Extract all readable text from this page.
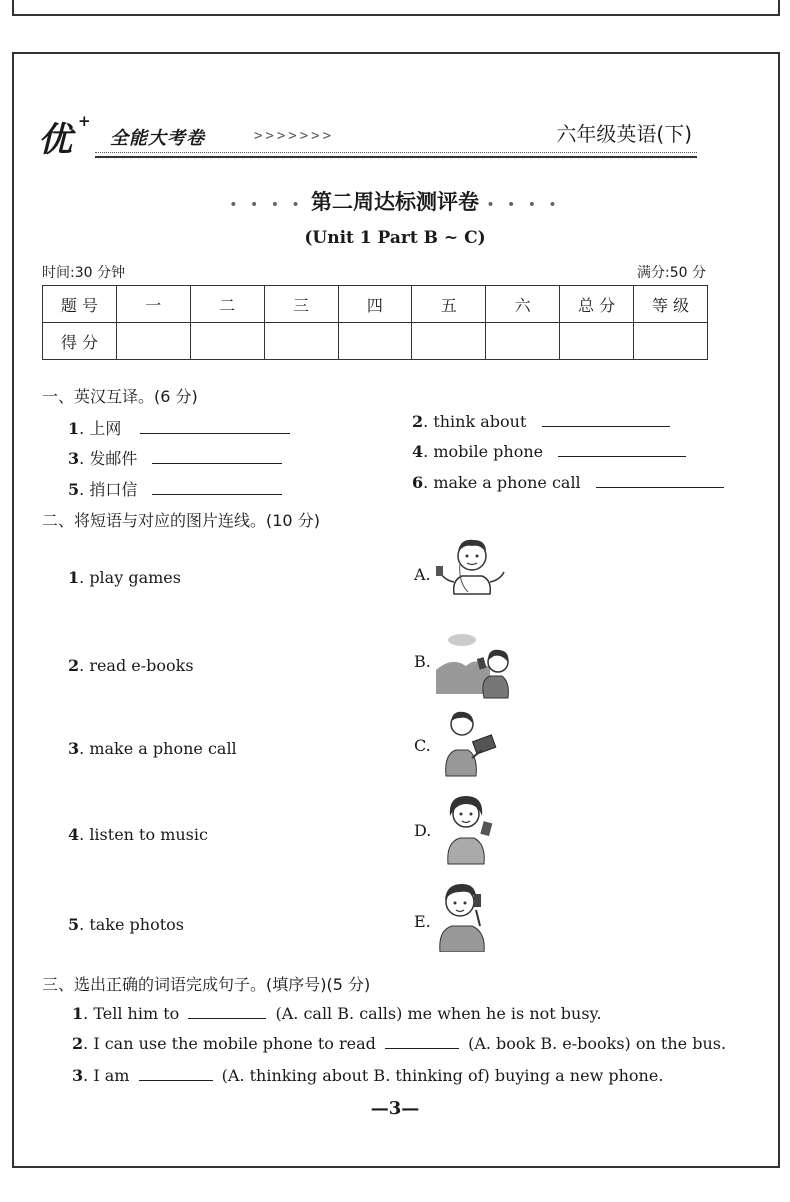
优 +
全能大考卷	>>>>>>>	六年级英语(下)
• • • • 第二周达标测评卷 • • • •
(Unit 1 Part B ~ C)
时间:30 分钟	满分:50 分
题 号	一	二	三	四	五	六	总 分	等 级
得 分								
一、英汉互译。(6 分)
1. 上网	2. think about
3. 发邮件	4. mobile phone
5. 捎口信	6. make a phone call
二、将短语与对应的图片连线。(10 分)
1. play games
2. read e-books
3. make a phone call
4. listen to music
5. take photos
A.
B.
C.
D.
E.
三、选出正确的词语完成句子。(填序号)(5 分)
1. Tell him to	(A. call B. calls) me when he is not busy.
2. I can use the mobile phone to read	(A. book B. e-books) on the bus.
3. I am	(A. thinking about B. thinking of) buying a new phone.
—3—
